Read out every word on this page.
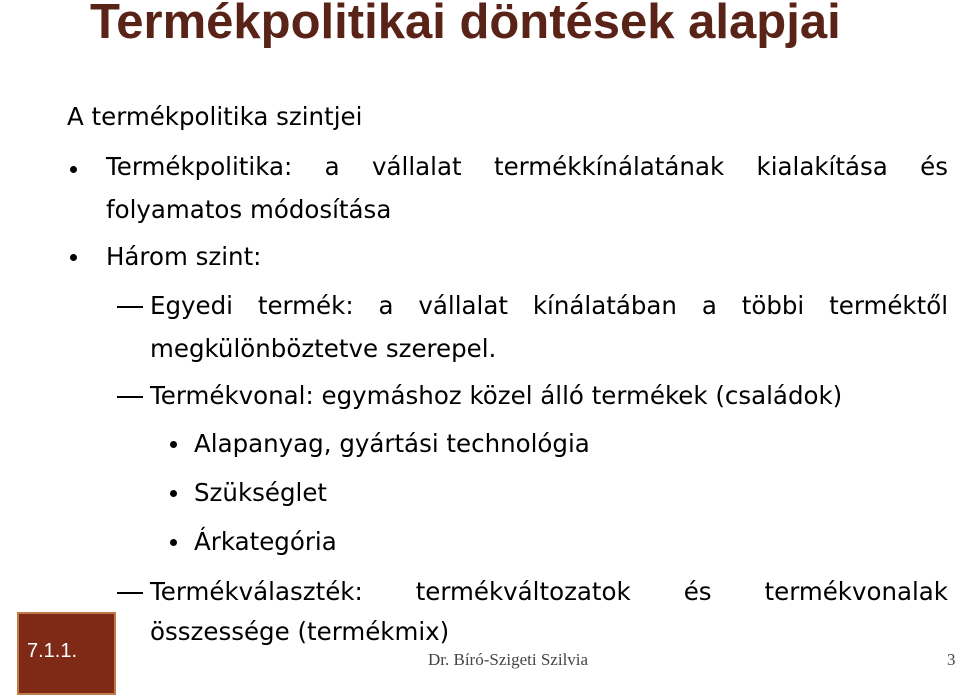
Termékpolitikai döntések alapjai
A termékpolitika szintjei
Termékpolitika: a vállalat termékkínálatának kialakítása és
folyamatos módosítása
Három szint:
Egyedi termék: a vállalat kínálatában a többi terméktől
megkülönböztetve szerepel.
Termékvonal: egymáshoz közel álló termékek (családok)
Alapanyag, gyártási technológia
Szükséglet
Árkategória
Termékválaszték: termékváltozatok és termékvonalak
összessége (termékmix)
7.1.1.	Dr. Bíró-Szigeti Szilvia	3
